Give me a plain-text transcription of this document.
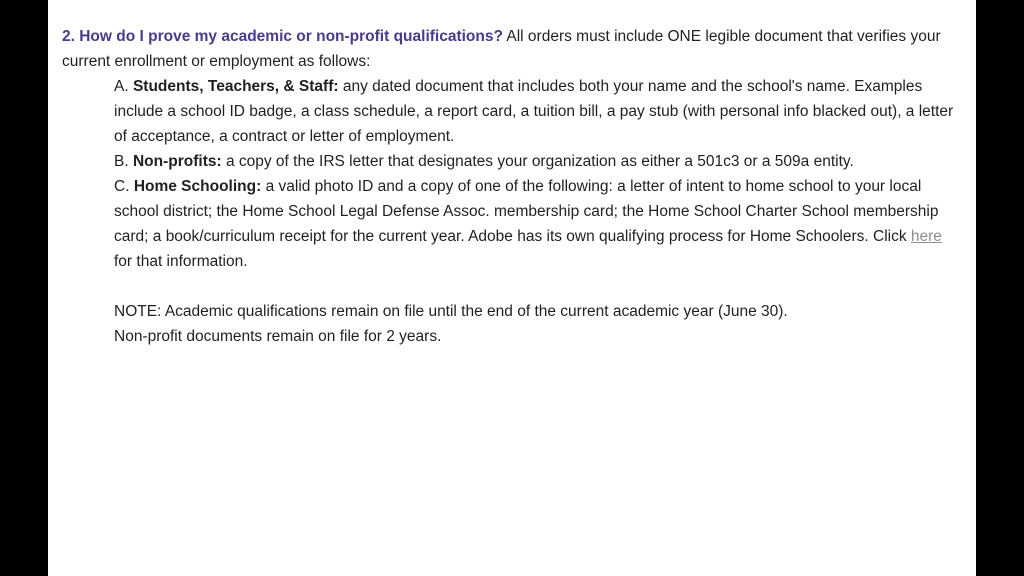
2. How do I prove my academic or non-profit qualifications? All orders must include ONE legible document that verifies your current enrollment or employment as follows:

A. Students, Teachers, & Staff: any dated document that includes both your name and the school's name. Examples include a school ID badge, a class schedule, a report card, a tuition bill, a pay stub (with personal info blacked out), a letter of acceptance, a contract or letter of employment.

B. Non-profits: a copy of the IRS letter that designates your organization as either a 501c3 or a 509a entity.

C. Home Schooling: a valid photo ID and a copy of one of the following: a letter of intent to home school to your local school district; the Home School Legal Defense Assoc. membership card; the Home School Charter School membership card; a book/curriculum receipt for the current year. Adobe has its own qualifying process for Home Schoolers. Click here for that information.

NOTE: Academic qualifications remain on file until the end of the current academic year (June 30).

Non-profit documents remain on file for 2 years.
